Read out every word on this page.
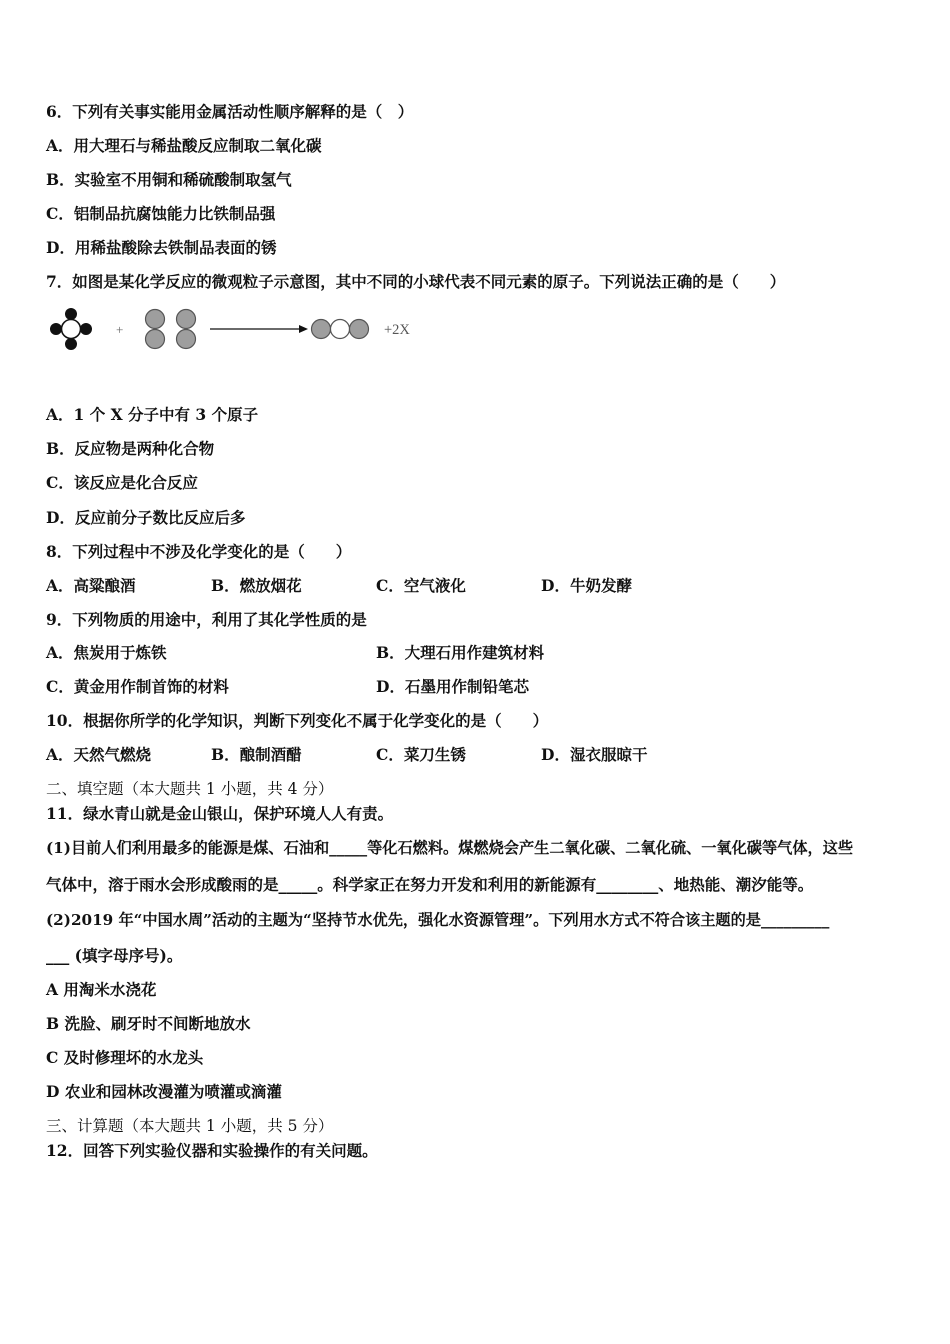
6．下列有关事实能用金属活动性顺序解释的是（　）
A．用大理石与稀盐酸反应制取二氧化碳
B．实验室不用铜和稀硫酸制取氢气
C．铝制品抗腐蚀能力比铁制品强
D．用稀盐酸除去铁制品表面的锈
7．如图是某化学反应的微观粒子示意图，其中不同的小球代表不同元素的原子。下列说法正确的是（　　）
+	+2X
A．1 个 X 分子中有 3 个原子
B．反应物是两种化合物
C．该反应是化合反应
D．反应前分子数比反应后多
8．下列过程中不涉及化学变化的是（　　）
A．高粱酿酒	B．燃放烟花	C．空气液化	D．牛奶发酵
9．下列物质的用途中，利用了其化学性质的是
A．焦炭用于炼铁	B．大理石用作建筑材料
C．黄金用作制首饰的材料	D．石墨用作制铅笔芯
10．根据你所学的化学知识，判断下列变化不属于化学变化的是（　　）
A．天然气燃烧	B．酿制酒醋	C．菜刀生锈	D．湿衣服晾干
二、填空题（本大题共 1 小题，共 4 分）
11．绿水青山就是金山银山，保护环境人人有责。
(1)目前人们利用最多的能源是煤、石油和_____等化石燃料。煤燃烧会产生二氧化碳、二氧化硫、一氧化碳等气体，这些
气体中，溶于雨水会形成酸雨的是_____。科学家正在努力开发和利用的新能源有________、地热能、潮汐能等。
(2)2019 年“中国水周”活动的主题为“坚持节水优先，强化水资源管理”。下列用水方式不符合该主题的是_________
___ (填字母序号)。
A 用淘米水浇花
B 洗脸、刷牙时不间断地放水
C 及时修理坏的水龙头
D 农业和园林改漫灌为喷灌或滴灌
三、计算题（本大题共 1 小题，共 5 分）
12．回答下列实验仪器和实验操作的有关问题。
